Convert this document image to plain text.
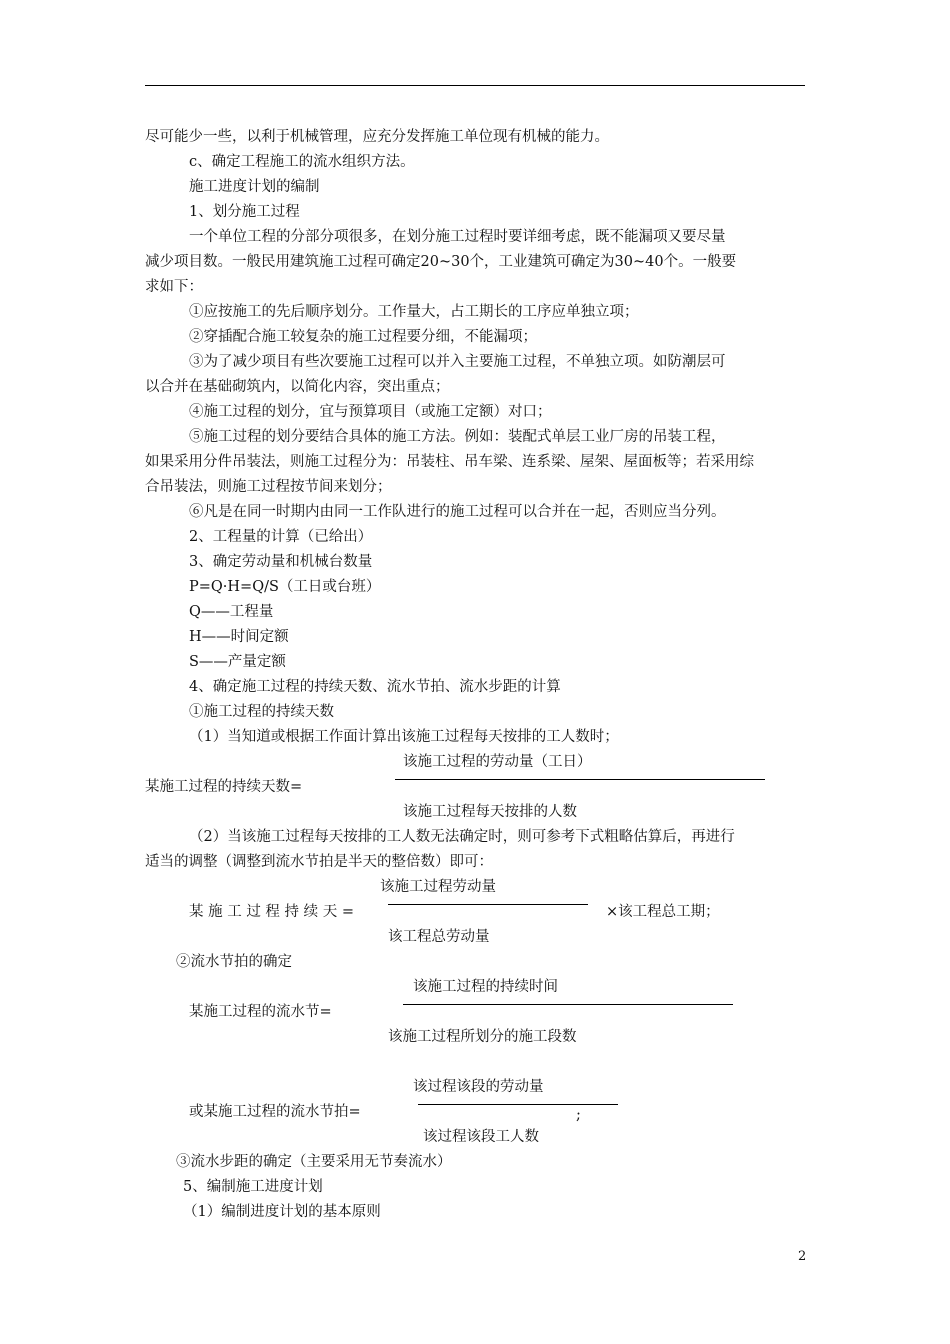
尽可能少一些，以利于机械管理，应充分发挥施工单位现有机械的能力。
c、确定工程施工的流水组织方法。
施工进度计划的编制
1、划分施工过程
一个单位工程的分部分项很多，在划分施工过程时要详细考虑，既不能漏项又要尽量
减少项目数。一般民用建筑施工过程可确定20~30个，工业建筑可确定为30~40个。一般要
求如下：
①应按施工的先后顺序划分。工作量大，占工期长的工序应单独立项；
②穿插配合施工较复杂的施工过程要分细，不能漏项；
③为了减少项目有些次要施工过程可以并入主要施工过程，不单独立项。如防潮层可
以合并在基础砌筑内，以简化内容，突出重点；
④施工过程的划分，宜与预算项目（或施工定额）对口；
⑤施工过程的划分要结合具体的施工方法。例如：装配式单层工业厂房的吊装工程，
如果采用分件吊装法，则施工过程分为：吊装柱、吊车梁、连系梁、屋架、屋面板等；若采用综
合吊装法，则施工过程按节间来划分；
⑥凡是在同一时期内由同一工作队进行的施工过程可以合并在一起，否则应当分列。
2、工程量的计算（已给出）
3、确定劳动量和机械台数量
P=Q·H=Q/S（工日或台班）
Q——工程量
H——时间定额
S——产量定额
4、确定施工过程的持续天数、流水节拍、流水步距的计算
①施工过程的持续天数
（1）当知道或根据工作面计算出该施工过程每天按排的工人数时；
该施工过程的劳动量（工日）
某施工过程的持续天数=
该施工过程每天按排的人数
（2）当该施工过程每天按排的工人数无法确定时，则可参考下式粗略估算后，再进行
适当的调整（调整到流水节拍是半天的整倍数）即可：
该施工过程劳动量
某 施 工 过 程 持 续 天 =	×该工程总工期；
该工程总劳动量
②流水节拍的确定
该施工过程的持续时间
某施工过程的流水节=
该施工过程所划分的施工段数
该过程该段的劳动量
或某施工过程的流水节拍=	;
该过程该段工人数
③流水步距的确定（主要采用无节奏流水）
5、编制施工进度计划
（1）编制进度计划的基本原则
2
